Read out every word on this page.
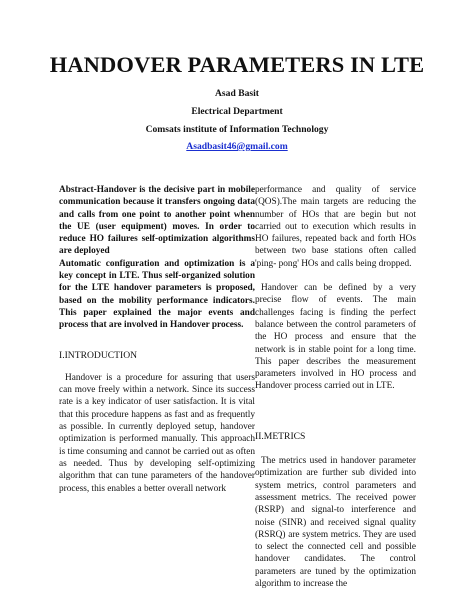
HANDOVER PARAMETERS IN LTE
Asad Basit
Electrical Department
Comsats institute of Information Technology
Asadbasit46@gmail.com

Abstract-Handover is the decisive part in mobile communication because it transfers ongoing data and calls from one point to another point when the UE (user equipment) moves. In order to reduce HO failures self-optimization algorithms are deployed

Automatic configuration and optimization is a key concept in LTE. Thus self-organized solution for the LTE handover parameters is proposed, based on the mobility performance indicators. This paper explained the major events and process that are involved in Handover process.

I.INTRODUCTION

Handover is a procedure for assuring that users can move freely within a network. Since its success rate is a key indicator of user satisfaction. It is vital that this procedure happens as fast and as frequently as possible. In currently deployed setup, handover optimization is performed manually. This approach is time consuming and cannot be carried out as often as needed. Thus by developing self-optimizing algorithm that can tune parameters of the handover process, this enables a better overall network

performance and quality of service (QOS).The main targets are reducing the number of HOs that are begin but not carried out to execution which results in HO failures, repeated back and forth HOs between two base stations often called 'ping- pong' HOs and calls being dropped.

Handover can be defined by a very precise flow of events. The main challenges facing is finding the perfect balance between the control parameters of the HO process and ensure that the network is in stable point for a long time. This paper describes the measurement parameters involved in HO process and Handover process carried out in LTE.

II.METRICS

The metrics used in handover parameter optimization are further sub divided into system metrics, control parameters and assessment metrics. The received power (RSRP) and signal-to interference and noise (SINR) and received signal quality (RSRQ) are system metrics. They are used to select the connected cell and possible handover candidates. The control parameters are tuned by the optimization algorithm to increase the
